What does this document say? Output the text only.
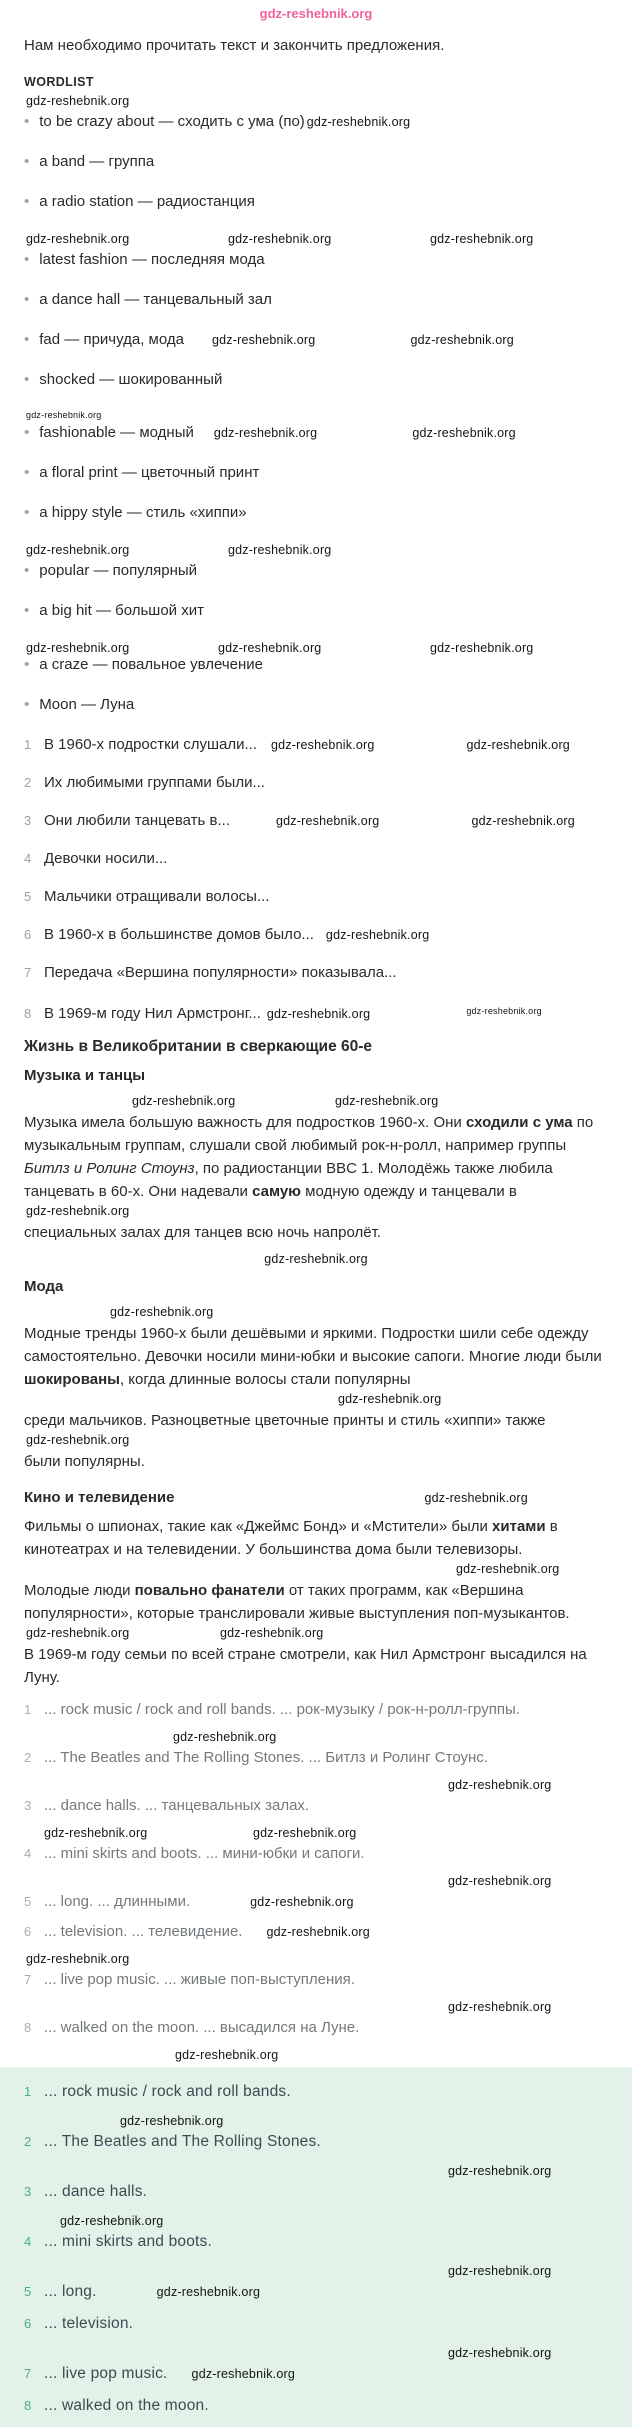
gdz-reshebnik.org

Нам необходимо прочитать текст и закончить предложения.

WORDLIST
gdz-reshebnik.org
• to be crazy about — сходить с ума (по) gdz-reshebnik.org
• a band — группа
• a radio station — радиостанция
gdz-reshebnik.org	gdz-reshebnik.org	gdz-reshebnik.org
• latest fashion — последняя мода
• a dance hall — танцевальный зал
• fad — причуда, мода gdz-reshebnik.org	gdz-reshebnik.org
• shocked — шокированный
gdz-reshebnik.org
• fashionable — модный gdz-reshebnik.org	gdz-reshebnik.org
• a floral print — цветочный принт
• a hippy style — стиль «хиппи»
gdz-reshebnik.org	gdz-reshebnik.org
• popular — популярный
• a big hit — большой хит
gdz-reshebnik.org	gdz-reshebnik.org	gdz-reshebnik.org
• a craze — повальное увлечение
• Moon — Луна
1 В 1960-х подростки слушали... gdz-reshebnik.org	gdz-reshebnik.org
2 Их любимыми группами были...
3 Они любили танцевать в...	gdz-reshebnik.org	gdz-reshebnik.org
4 Девочки носили...
5 Мальчики отращивали волосы...
6 В 1960-х в большинстве домов было... gdz-reshebnik.org
7 Передача «Вершина популярности» показывала...
8 В 1969-м году Нил Армстронг... gdz-reshebnik.org	$^{gdz-reshebnik.org}$
Жизнь в Великобритании в сверкающие 60-е
Музыка и танцы
gdz-reshebnik.org	gdz-reshebnik.org

Музыка имела большую важность для подростков 1960-х. Они сходили с ума по музыкальным группам, слушали свой любимый рок-н-ролл, например группы Битлз и Ролинг Стоунз, по радиостанции BBC 1. Молодёжь также любила танцевать в 60-х. Они надевали самую модную одежду и танцевали в

gdz-reshebnik.org

специальных залах для танцев всю ночь напролёт.

gdz-reshebnik.org
Мода
gdz-reshebnik.org

Модные тренды 1960-х были дешёвыми и яркими. Подростки шили себе одежду самостоятельно. Девочки носили мини-юбки и высокие сапоги. Многие люди были шокированы, когда длинные волосы стали популярны

gdz-reshebnik.org

среди мальчиков. Разноцветные цветочные принты и стиль «хиппи» также

gdz-reshebnik.org

были популярны.

Кино и телевидение	gdz-reshebnik.org

Фильмы о шпионах, такие как «Джеймс Бонд» и «Мстители» были хитами в кинотеатрах и на телевидении. У большинства дома были телевизоры.

gdz-reshebnik.org

Молодые люди повально фанатели от таких программ, как «Вершина популярности», которые транслировали живые выступления поп-музыкантов.

gdz-reshebnik.org	gdz-reshebnik.org

В 1969-м году семьи по всей стране смотрели, как Нил Армстронг высадился на Луну.

1 ... rock music / rock and roll bands. ... рок-музыку / рок-н-ролл-группы.
gdz-reshebnik.org
2 ... The Beatles and The Rolling Stones. ... Битлз и Ролинг Стоунс.
gdz-reshebnik.org
3 ... dance halls. ... танцевальных залах.
gdz-reshebnik.org	gdz-reshebnik.org
4 ... mini skirts and boots. ... мини-юбки и сапоги.
gdz-reshebnik.org
5 ... long. ... длинными.	gdz-reshebnik.org
6 ... television. ... телевидение. gdz-reshebnik.org
gdz-reshebnik.org
7 ... live pop music. ... живые поп-выступления.
gdz-reshebnik.org
8 ... walked on the moon. ... высадился на Луне.
gdz-reshebnik.org
1 ... rock music / rock and roll bands.
gdz-reshebnik.org
2 ... The Beatles and The Rolling Stones.
gdz-reshebnik.org
3 ... dance halls.
gdz-reshebnik.org
4 ... mini skirts and boots.
gdz-reshebnik.org
5 ... long.	gdz-reshebnik.org
6 ... television.
gdz-reshebnik.org
7 ... live pop music. gdz-reshebnik.org
8 ... walked on the moon.
